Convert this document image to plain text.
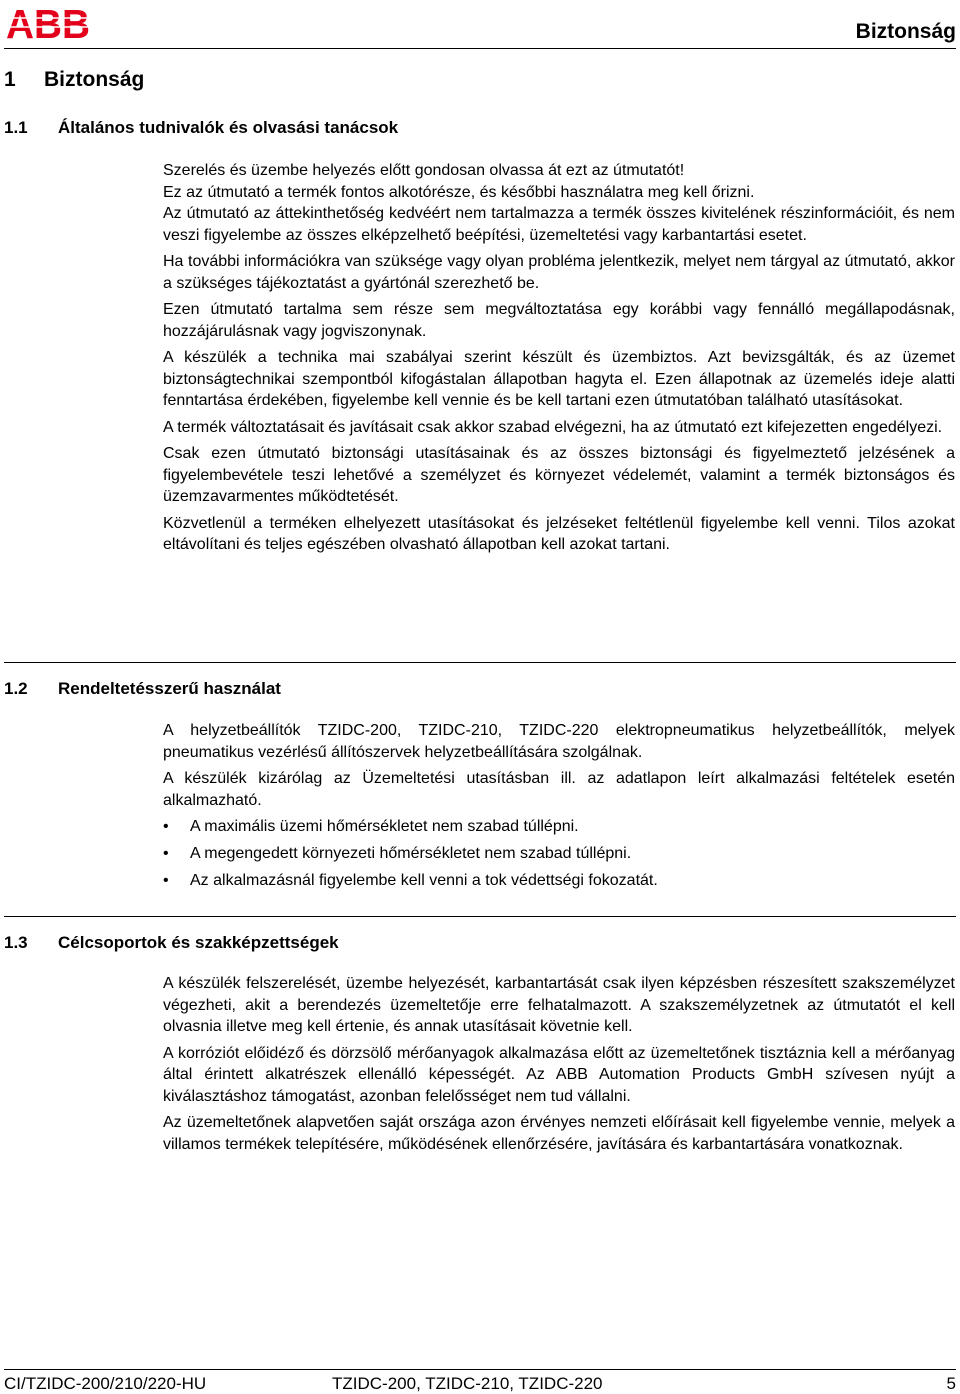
ABB	Biztonság
1 Biztonság
1.1 Általános tudnivalók és olvasási tanácsok

Szerelés és üzembe helyezés előtt gondosan olvassa át ezt az útmutatót!

Ez az útmutató a termék fontos alkotórésze, és későbbi használatra meg kell őrizni.

Az útmutató az áttekinthetőség kedvéért nem tartalmazza a termék összes kivitelének részinformációit, és nem veszi figyelembe az összes elképzelhető beépítési, üzemeltetési vagy karbantartási esetet.

Ha további információkra van szüksége vagy olyan probléma jelentkezik, melyet nem tárgyal az útmutató, akkor a szükséges tájékoztatást a gyártónál szerezhető be.

Ezen útmutató tartalma sem része sem megváltoztatása egy korábbi vagy fennálló megállapodásnak, hozzájárulásnak vagy jogviszonynak.

A készülék a technika mai szabályai szerint készült és üzembiztos. Azt bevizsgálták, és az üzemet biztonságtechnikai szempontból kifogástalan állapotban hagyta el. Ezen állapotnak az üzemelés ideje alatti fenntartása érdekében, figyelembe kell vennie és be kell tartani ezen útmutatóban található utasításokat.

A termék változtatásait és javításait csak akkor szabad elvégezni, ha az útmutató ezt kifejezetten engedélyezi.

Csak ezen útmutató biztonsági utasításainak és az összes biztonsági és figyelmeztető jelzésének a figyelembevétele teszi lehetővé a személyzet és környezet védelemét, valamint a termék biztonságos és üzemzavarmentes működtetését.

Közvetlenül a terméken elhelyezett utasításokat és jelzéseket feltétlenül figyelembe kell venni. Tilos azokat eltávolítani és teljes egészében olvasható állapotban kell azokat tartani.

1.2 Rendeltetésszerű használat

A helyzetbeállítók TZIDC-200, TZIDC-210, TZIDC-220 elektropneumatikus helyzetbeállítók, melyek pneumatikus vezérlésű állítószervek helyzetbeállítására szolgálnak.

A készülék kizárólag az Üzemeltetési utasításban ill. az adatlapon leírt alkalmazási feltételek esetén alkalmazható.

• A maximális üzemi hőmérsékletet nem szabad túllépni.
• A megengedett környezeti hőmérsékletet nem szabad túllépni.
• Az alkalmazásnál figyelembe kell venni a tok védettségi fokozatát.
1.3 Célcsoportok és szakképzettségek

A készülék felszerelését, üzembe helyezését, karbantartását csak ilyen képzésben részesített szakszemélyzet végezheti, akit a berendezés üzemeltetője erre felhatalmazott. A szakszemélyzetnek az útmutatót el kell olvasnia illetve meg kell értenie, és annak utasításait követnie kell.

A korróziót előidéző és dörzsölő mérőanyagok alkalmazása előtt az üzemeltetőnek tisztáznia kell a mérőanyag által érintett alkatrészek ellenálló képességét. Az ABB Automation Products GmbH szívesen nyújt a kiválasztáshoz támogatást, azonban felelősséget nem tud vállalni.

Az üzemeltetőnek alapvetően saját országa azon érvényes nemzeti előírásait kell figyelembe vennie, melyek a villamos termékek telepítésére, működésének ellenőrzésére, javítására és karbantartására vonatkoznak.

CI/TZIDC-200/210/220-HU	TZIDC-200, TZIDC-210, TZIDC-220	5
